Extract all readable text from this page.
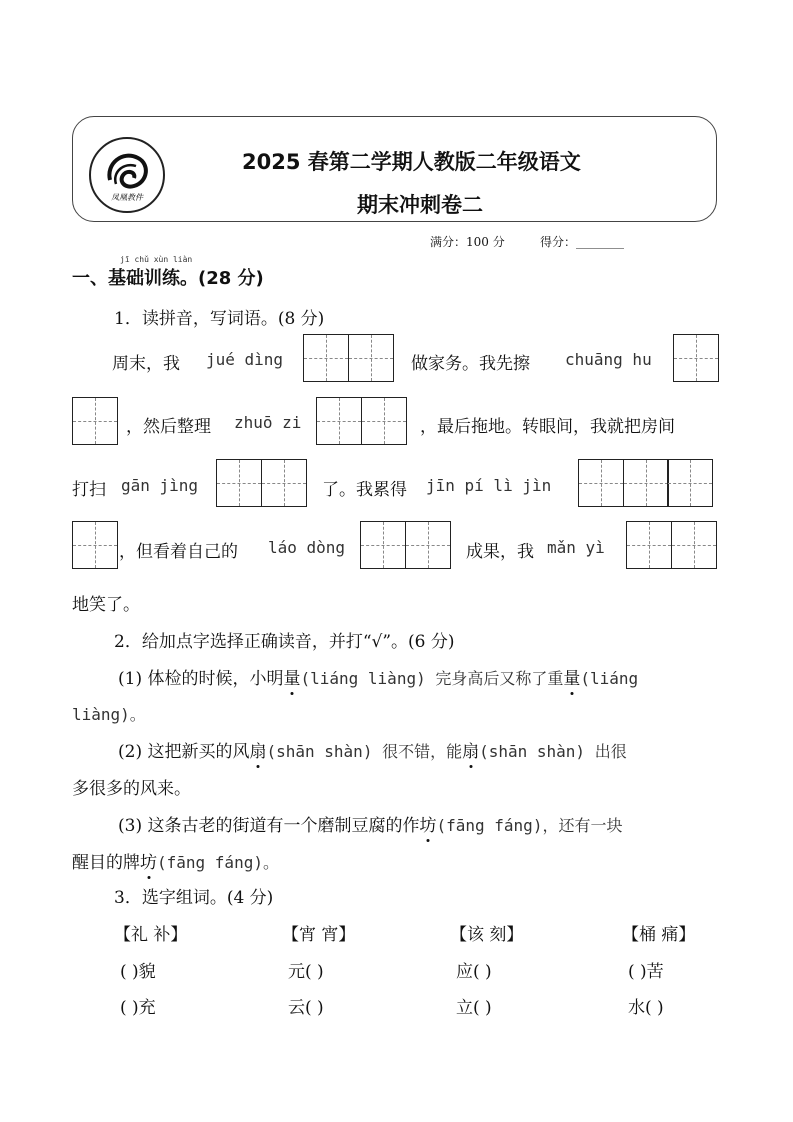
凤凰教件
2025 春第二学期人教版二年级语文
期末冲刺卷二
满分：100 分	得分：________
jī chǔ xùn liàn
一、基础训练。(28 分)
1．读拼音，写词语。(8 分)
周末，我 jué dìng	做家务。我先擦 chuāng hu
，然后整理 zhuō zi	，最后拖地。转眼间，我就把房间
打扫 gān jìng	了。我累得 jīn pí lì jìn
，但看着自己的 láo dòng	成果，我 mǎn yì
地笑了。
2．给加点字选择正确读音，并打“√”。(6 分)
(1) 体检的时候，小明量(liáng liàng) 完身高后又称了重量(liáng
liàng)。
(2) 这把新买的风扇(shān shàn) 很不错，能扇(shān shàn) 出很
多很多的风来。
(3) 这条古老的街道有一个磨制豆腐的作坊(fāng fáng)，还有一块
醒目的牌坊(fāng fáng)。
3．选字组词。(4 分)
【礼 补】	【宵 宵】	【该 刻】	【桶 痛】
( )貌	元( )	应( )	( )苦
( )充	云( )	立( )	水( )
